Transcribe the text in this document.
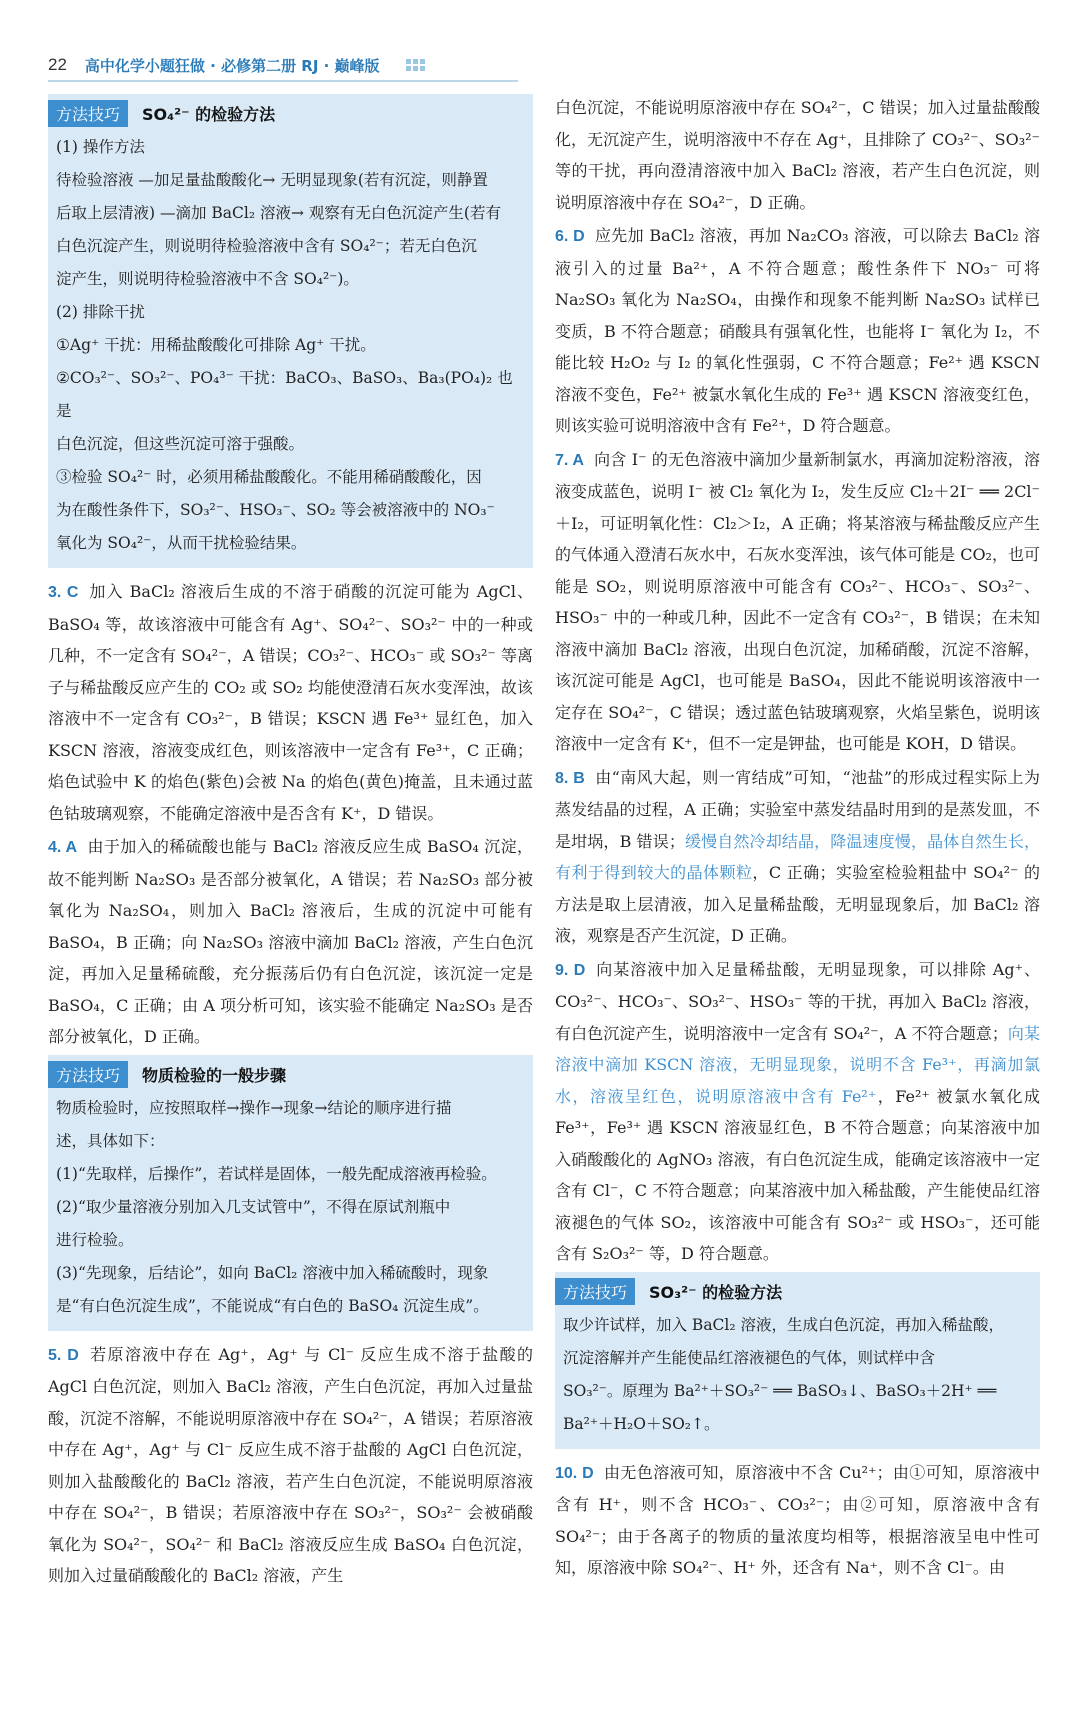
22 高中化学小题狂做 · 必修第二册 RJ · 巅峰版
方法技巧	SO₄²⁻ 的检验方法

(1) 操作方法

待检验溶液 —加足量盐酸酸化→ 无明显现象(若有沉淀，则静置

后取上层清液) —滴加 BaCl₂ 溶液→ 观察有无白色沉淀产生(若有

白色沉淀产生，则说明待检验溶液中含有 SO₄²⁻；若无白色沉

淀产生，则说明待检验溶液中不含 SO₄²⁻)。

(2) 排除干扰

①Ag⁺ 干扰：用稀盐酸酸化可排除 Ag⁺ 干扰。

②CO₃²⁻、SO₃²⁻、PO₄³⁻ 干扰：BaCO₃、BaSO₃、Ba₃(PO₄)₂ 也是

白色沉淀，但这些沉淀可溶于强酸。

③检验 SO₄²⁻ 时，必须用稀盐酸酸化。不能用稀硝酸酸化，因

为在酸性条件下，SO₃²⁻、HSO₃⁻、SO₂ 等会被溶液中的 NO₃⁻

氧化为 SO₄²⁻，从而干扰检验结果。

3. C 加入 BaCl₂ 溶液后生成的不溶于硝酸的沉淀可能为 AgCl、BaSO₄ 等，故该溶液中可能含有 Ag⁺、SO₄²⁻、SO₃²⁻ 中的一种或几种，不一定含有 SO₄²⁻，A 错误；CO₃²⁻、HCO₃⁻ 或 SO₃²⁻ 等离子与稀盐酸反应产生的 CO₂ 或 SO₂ 均能使澄清石灰水变浑浊，故该溶液中不一定含有 CO₃²⁻，B 错误；KSCN 遇 Fe³⁺ 显红色，加入 KSCN 溶液，溶液变成红色，则该溶液中一定含有 Fe³⁺，C 正确；焰色试验中 K 的焰色(紫色)会被 Na 的焰色(黄色)掩盖，且未通过蓝色钴玻璃观察，不能确定溶液中是否含有 K⁺，D 错误。
4. A 由于加入的稀硫酸也能与 BaCl₂ 溶液反应生成 BaSO₄ 沉淀，故不能判断 Na₂SO₃ 是否部分被氧化，A 错误；若 Na₂SO₃ 部分被氧化为 Na₂SO₄，则加入 BaCl₂ 溶液后，生成的沉淀中可能有 BaSO₄，B 正确；向 Na₂SO₃ 溶液中滴加 BaCl₂ 溶液，产生白色沉淀，再加入足量稀硫酸，充分振荡后仍有白色沉淀，该沉淀一定是 BaSO₄，C 正确；由 A 项分析可知，该实验不能确定 Na₂SO₃ 是否部分被氧化，D 正确。
方法技巧	物质检验的一般步骤

物质检验时，应按照取样→操作→现象→结论的顺序进行描

述，具体如下：

(1)“先取样，后操作”，若试样是固体，一般先配成溶液再检验。

(2)“取少量溶液分别加入几支试管中”，不得在原试剂瓶中

进行检验。

(3)“先现象，后结论”，如向 BaCl₂ 溶液中加入稀硫酸时，现象

是“有白色沉淀生成”，不能说成“有白色的 BaSO₄ 沉淀生成”。

5. D 若原溶液中存在 Ag⁺，Ag⁺ 与 Cl⁻ 反应生成不溶于盐酸的 AgCl 白色沉淀，则加入 BaCl₂ 溶液，产生白色沉淀，再加入过量盐酸，沉淀不溶解，不能说明原溶液中存在 SO₄²⁻，A 错误；若原溶液中存在 Ag⁺，Ag⁺ 与 Cl⁻ 反应生成不溶于盐酸的 AgCl 白色沉淀，则加入盐酸酸化的 BaCl₂ 溶液，若产生白色沉淀，不能说明原溶液中存在 SO₄²⁻，B 错误；若原溶液中存在 SO₃²⁻，SO₃²⁻ 会被硝酸氧化为 SO₄²⁻，SO₄²⁻ 和 BaCl₂ 溶液反应生成 BaSO₄ 白色沉淀，则加入过量硝酸酸化的 BaCl₂ 溶液，产生
白色沉淀，不能说明原溶液中存在 SO₄²⁻，C 错误；加入过量盐酸酸化，无沉淀产生，说明溶液中不存在 Ag⁺，且排除了 CO₃²⁻、SO₃²⁻ 等的干扰，再向澄清溶液中加入 BaCl₂ 溶液，若产生白色沉淀，则说明原溶液中存在 SO₄²⁻，D 正确。
6. D 应先加 BaCl₂ 溶液，再加 Na₂CO₃ 溶液，可以除去 BaCl₂ 溶液引入的过量 Ba²⁺，A 不符合题意；酸性条件下 NO₃⁻ 可将 Na₂SO₃ 氧化为 Na₂SO₄，由操作和现象不能判断 Na₂SO₃ 试样已变质，B 不符合题意；硝酸具有强氧化性，也能将 I⁻ 氧化为 I₂，不能比较 H₂O₂ 与 I₂ 的氧化性强弱，C 不符合题意；Fe²⁺ 遇 KSCN 溶液不变色，Fe²⁺ 被氯水氧化生成的 Fe³⁺ 遇 KSCN 溶液变红色，则该实验可说明溶液中含有 Fe²⁺，D 符合题意。
7. A 向含 I⁻ 的无色溶液中滴加少量新制氯水，再滴加淀粉溶液，溶液变成蓝色，说明 I⁻ 被 Cl₂ 氧化为 I₂，发生反应 Cl₂＋2I⁻ ══ 2Cl⁻＋I₂，可证明氧化性：Cl₂＞I₂，A 正确；将某溶液与稀盐酸反应产生的气体通入澄清石灰水中，石灰水变浑浊，该气体可能是 CO₂，也可能是 SO₂，则说明原溶液中可能含有 CO₃²⁻、HCO₃⁻、SO₃²⁻、HSO₃⁻ 中的一种或几种，因此不一定含有 CO₃²⁻，B 错误；在未知溶液中滴加 BaCl₂ 溶液，出现白色沉淀，加稀硝酸，沉淀不溶解，该沉淀可能是 AgCl，也可能是 BaSO₄，因此不能说明该溶液中一定存在 SO₄²⁻，C 错误；透过蓝色钴玻璃观察，火焰呈紫色，说明该溶液中一定含有 K⁺，但不一定是钾盐，也可能是 KOH，D 错误。
8. B 由“南风大起，则一宵结成”可知，“池盐”的形成过程实际上为蒸发结晶的过程，A 正确；实验室中蒸发结晶时用到的是蒸发皿，不是坩埚，B 错误；缓慢自然冷却结晶，降温速度慢，晶体自然生长，有利于得到较大的晶体颗粒，C 正确；实验室检验粗盐中 SO₄²⁻ 的方法是取上层清液，加入足量稀盐酸，无明显现象后，加 BaCl₂ 溶液，观察是否产生沉淀，D 正确。
9. D 向某溶液中加入足量稀盐酸，无明显现象，可以排除 Ag⁺、CO₃²⁻、HCO₃⁻、SO₃²⁻、HSO₃⁻ 等的干扰，再加入 BaCl₂ 溶液，有白色沉淀产生，说明溶液中一定含有 SO₄²⁻，A 不符合题意；向某溶液中滴加 KSCN 溶液，无明显现象，说明不含 Fe³⁺，再滴加氯水，溶液呈红色，说明原溶液中含有 Fe²⁺，Fe²⁺ 被氯水氧化成 Fe³⁺，Fe³⁺ 遇 KSCN 溶液显红色，B 不符合题意；向某溶液中加入硝酸酸化的 AgNO₃ 溶液，有白色沉淀生成，能确定该溶液中一定含有 Cl⁻，C 不符合题意；向某溶液中加入稀盐酸，产生能使品红溶液褪色的气体 SO₂，该溶液中可能含有 SO₃²⁻ 或 HSO₃⁻，还可能含有 S₂O₃²⁻ 等，D 符合题意。
方法技巧	SO₃²⁻ 的检验方法

取少许试样，加入 BaCl₂ 溶液，生成白色沉淀，再加入稀盐酸，

沉淀溶解并产生能使品红溶液褪色的气体，则试样中含

SO₃²⁻。原理为 Ba²⁺＋SO₃²⁻ ══ BaSO₃↓、BaSO₃＋2H⁺ ══

Ba²⁺＋H₂O＋SO₂↑。

10. D 由无色溶液可知，原溶液中不含 Cu²⁺；由①可知，原溶液中含有 H⁺，则不含 HCO₃⁻、CO₃²⁻；由②可知，原溶液中含有 SO₄²⁻；由于各离子的物质的量浓度均相等，根据溶液呈电中性可知，原溶液中除 SO₄²⁻、H⁺ 外，还含有 Na⁺，则不含 Cl⁻。由
